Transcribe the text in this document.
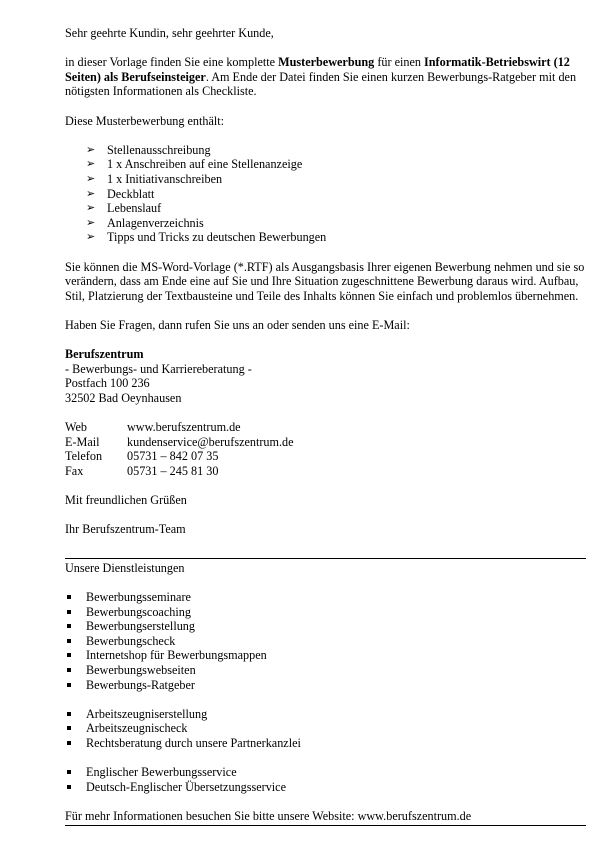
Sehr geehrte Kundin, sehr geehrter Kunde,

in dieser Vorlage finden Sie eine komplette Musterbewerbung für einen Informatik-Betriebswirt (12 Seiten) als Berufseinsteiger. Am Ende der Datei finden Sie einen kurzen Bewerbungs-Ratgeber mit den nötigsten Informationen als Checkliste.

Diese Musterbewerbung enthält:

➢ Stellenausschreibung
➢ 1 x Anschreiben auf eine Stellenanzeige
➢ 1 x Initiativanschreiben
➢ Deckblatt
➢ Lebenslauf
➢ Anlagenverzeichnis
➢ Tipps und Tricks zu deutschen Bewerbungen

Sie können die MS-Word-Vorlage (*.RTF) als Ausgangsbasis Ihrer eigenen Bewerbung nehmen und sie so verändern, dass am Ende eine auf Sie und Ihre Situation zugeschnittene Bewerbung daraus wird. Aufbau, Stil, Platzierung der Textbausteine und Teile des Inhalts können Sie einfach und problemlos übernehmen.

Haben Sie Fragen, dann rufen Sie uns an oder senden uns eine E-Mail:

Berufszentrum

- Bewerbungs- und Karriereberatung -

Postfach 100 236

32502 Bad Oeynhausen

Web	www.berufszentrum.de
E-Mail	kundenservice@berufszentrum.de
Telefon	05731 – 842 07 35
Fax	05731 – 245 81 30

Mit freundlichen Grüßen

Ihr Berufszentrum-Team

Unsere Dienstleistungen

Bewerbungsseminare
Bewerbungscoaching
Bewerbungserstellung
Bewerbungscheck
Internetshop für Bewerbungsmappen
Bewerbungswebseiten
Bewerbungs-Ratgeber
Arbeitszeugniserstellung
Arbeitszeugnischeck
Rechtsberatung durch unsere Partnerkanzlei
Englischer Bewerbungsservice
Deutsch-Englischer Übersetzungsservice

Für mehr Informationen besuchen Sie bitte unsere Website: www.berufszentrum.de
